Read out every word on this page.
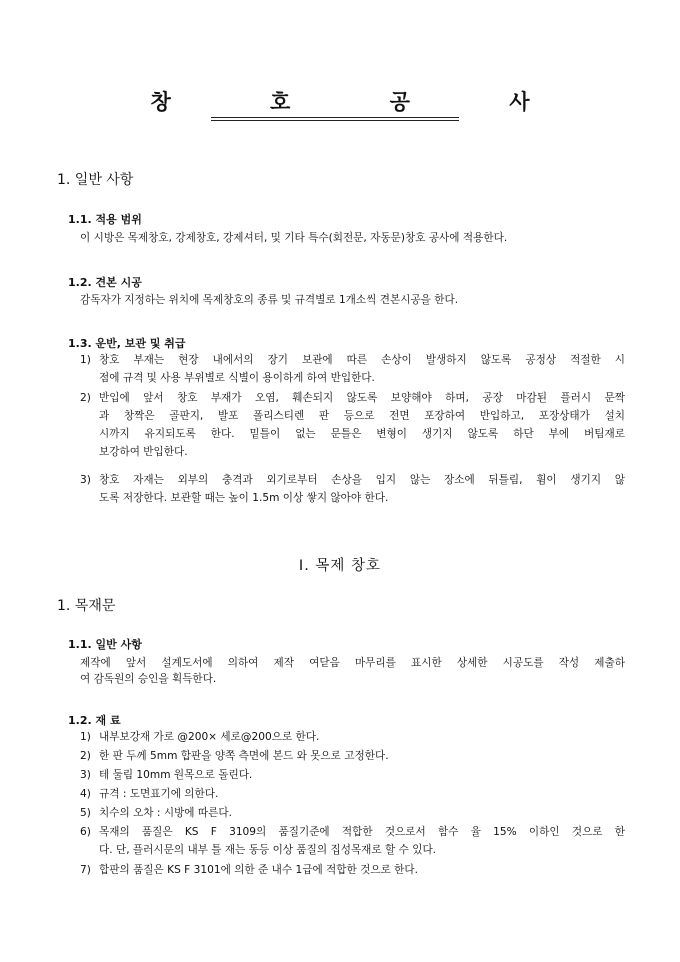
창 호 공 사
1. 일반 사항
1.1. 적용 범위
이 시방은 목제창호, 강제창호, 강제셔터, 및 기타 특수(회전문, 자동문)창호 공사에 적용한다.
1.2. 견본 시공
감독자가 지정하는 위치에 목제창호의 종류 및 규격별로 1개소씩 견본시공을 한다.
1.3. 운반, 보관 및 취급
1) 창호 부재는 현장 내에서의 장기 보관에 따른 손상이 발생하지 않도록 공정상 적절한 시
점에 규격 및 사용 부위별로 식별이 용이하게 하여 반입한다.
2) 반입에 앞서 창호 부재가 오염, 훼손되지 않도록 보양해야 하며, 공장 마감된 플러시 문짝
과 창짝은 골판지, 발포 폴리스티렌 판 등으로 전면 포장하여 반입하고, 포장상태가 설치
시까지 유지되도록 한다. 밑틀이 없는 문틀은 변형이 생기지 않도록 하단 부에 버팀재로
보강하여 반입한다.
3) 창호 자재는 외부의 충격과 외기로부터 손상을 입지 않는 장소에 뒤틀림, 휨이 생기지 않
도록 저장한다. 보관할 때는 높이 1.5m 이상 쌓지 않아야 한다.
Ⅰ. 목제 창호
1. 목재문
1.1. 일반 사항
제작에 앞서 설계도서에 의하여 제작 여닫음 마무리를 표시한 상세한 시공도를 작성 제출하
여 감독원의 승인을 획득한다.
1.2. 재 료
1) 내부보강재 가로 @200× 세로@200으로 한다.
2) 한 판 두께 5mm 합판을 양쪽 측면에 본드 와 못으로 고정한다.
3) 테 둘림 10mm 원목으로 돌린다.
4) 규격 : 도면표기에 의한다.
5) 치수의 오차 : 시방에 따른다.
6) 목재의 품질은 KS F 3109의 품질기준에 적합한 것으로서 함수 율 15% 이하인 것으로 한
다. 단, 플러시문의 내부 틀 재는 동등 이상 품질의 집성목재로 할 수 있다.
7) 합판의 품질은 KS F 3101에 의한 준 내수 1급에 적합한 것으로 한다.
